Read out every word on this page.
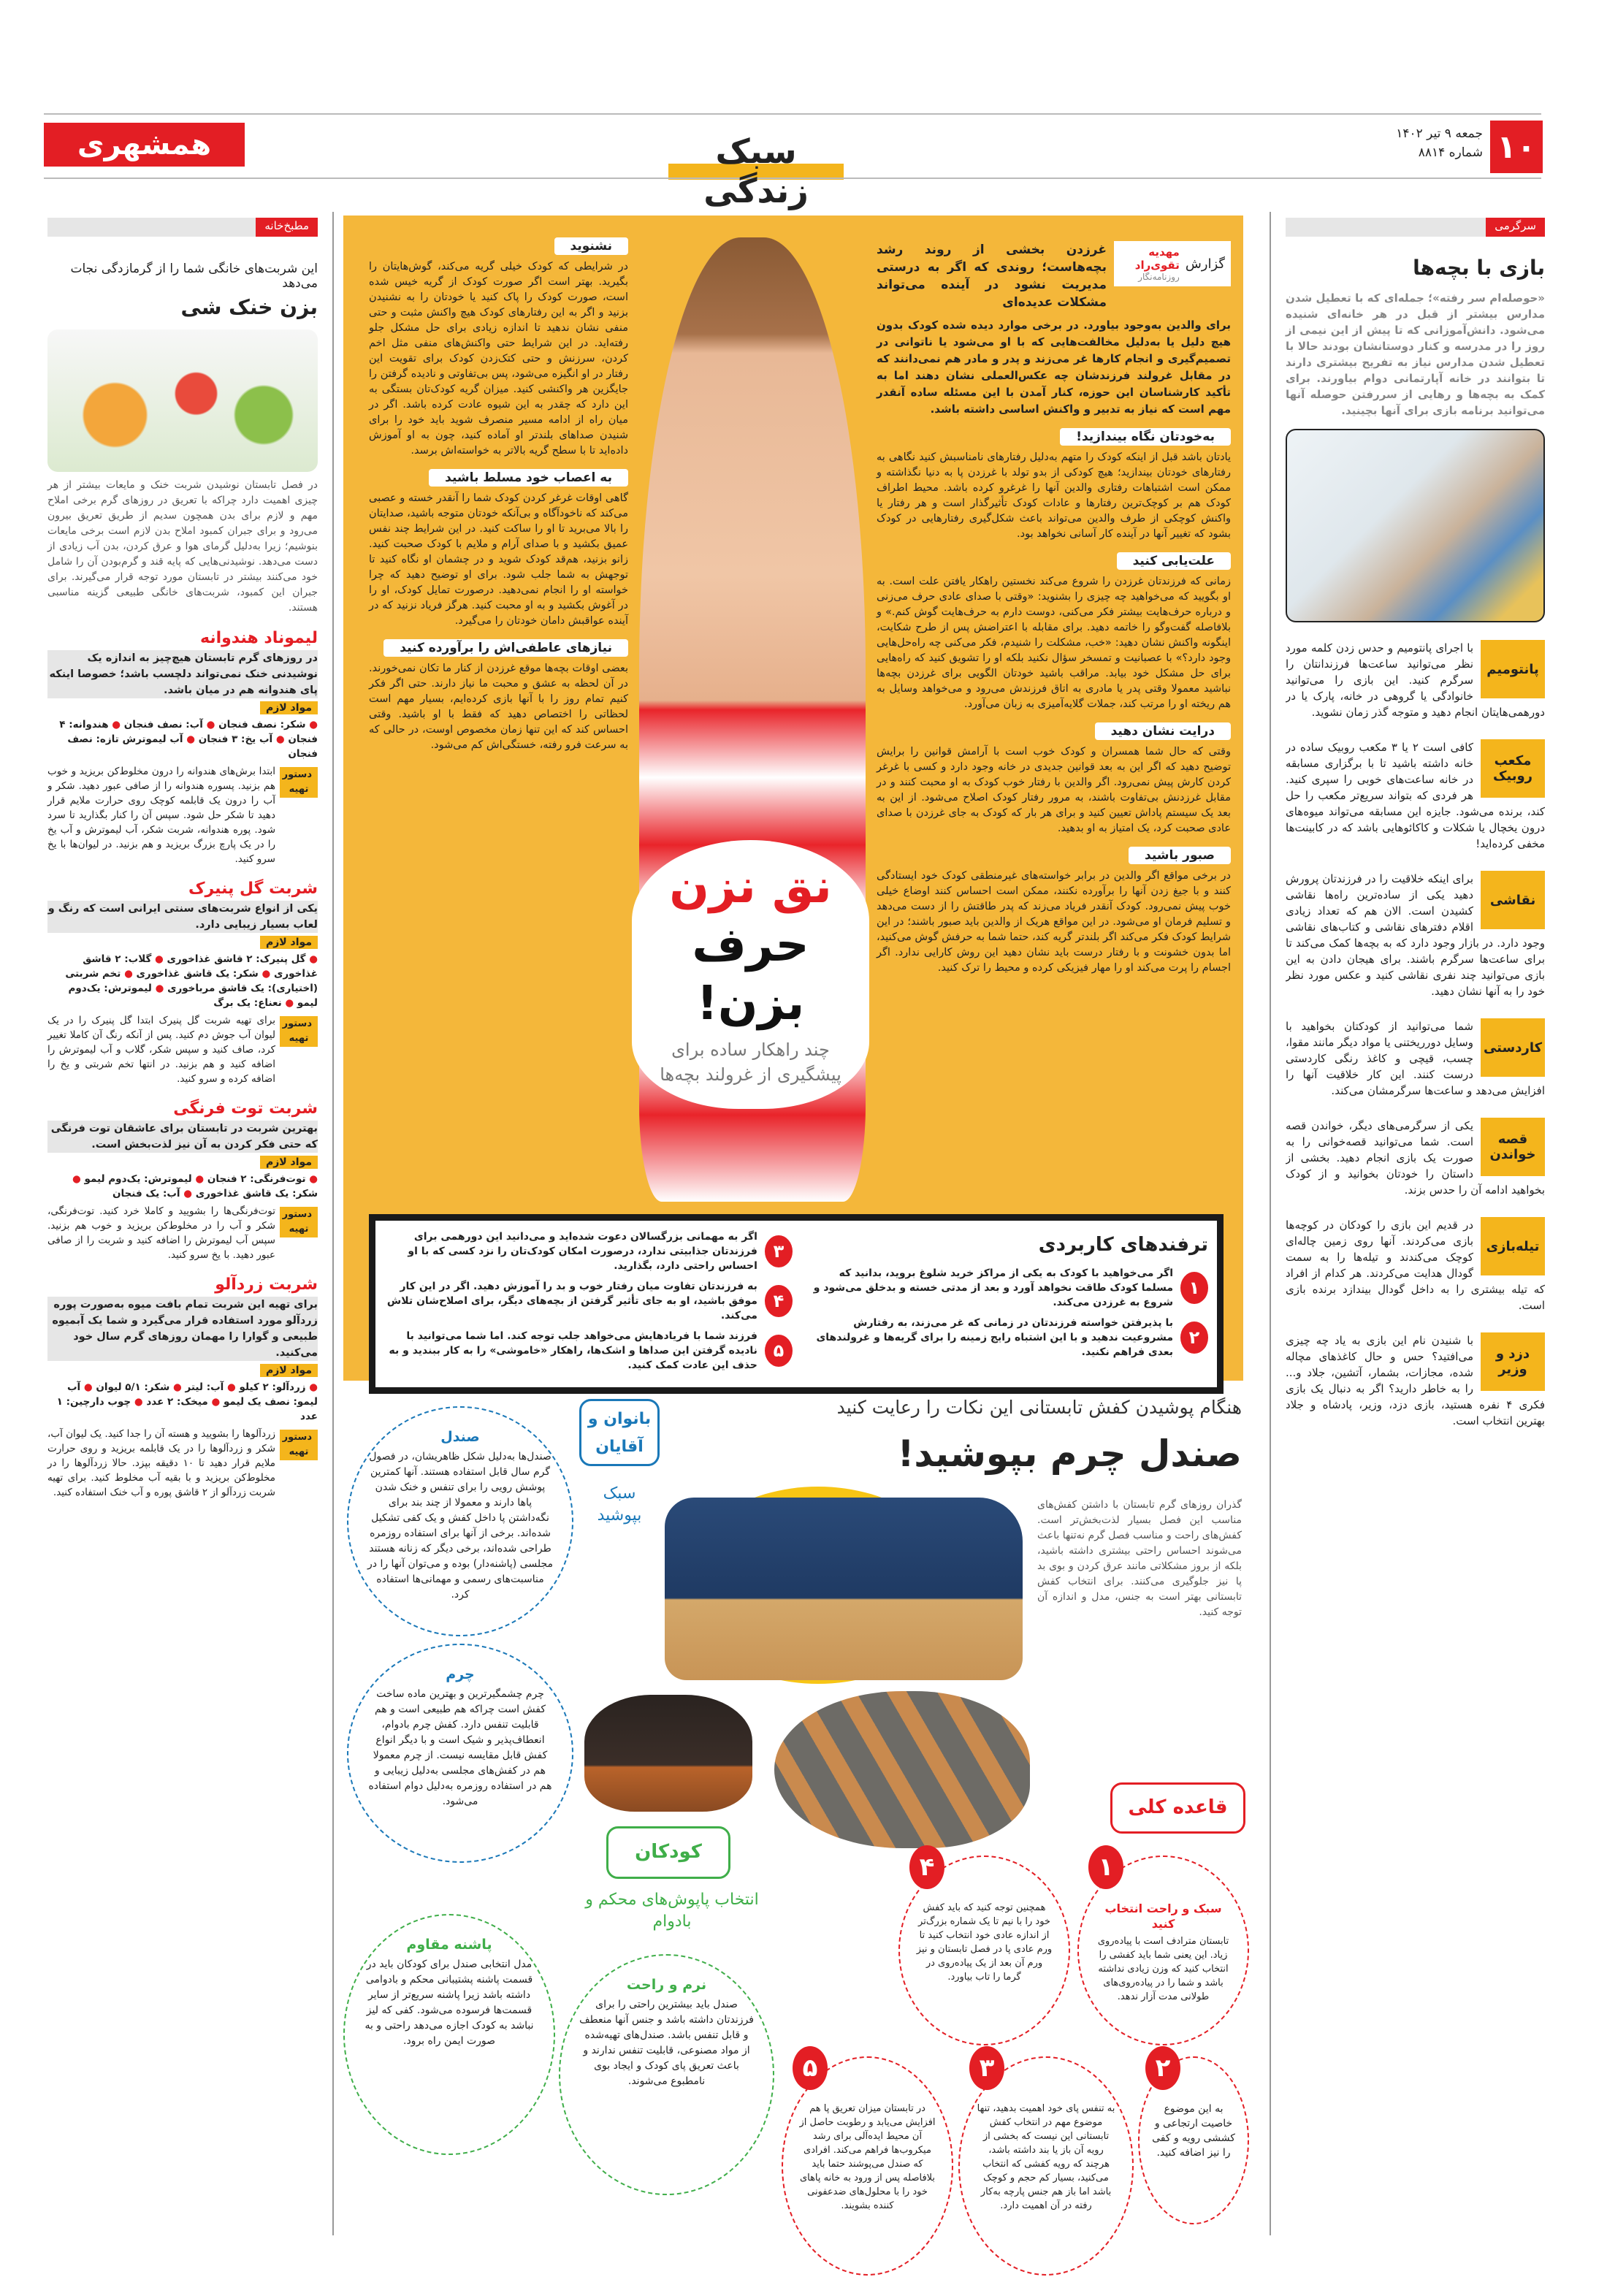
۱۰
جمعه ۹ تیر ۱۴۰۲
شماره ۸۸۱۴
سبک زندگی
همشهری
سرگرمی
بازی با بچه‌ها

«حوصله‌ام سر رفته»؛ جمله‌ای که با تعطیل شدن مدارس بیشتر از قبل در هر خانه‌ای شنیده می‌شود. دانش‌آموزانی که تا پیش از این نیمی از روز را در مدرسه و کنار دوستانشان بودند حالا با تعطیل شدن مدارس نیاز به تفریح بیشتری دارند تا بتوانند در خانه آپارتمانی دوام بیاورند. برای کمک به بچه‌ها و رهایی از سررفتن حوصله آنها می‌توانید برنامه بازی برای آنها بچینید.

پانتومیم

با اجرای پانتومیم و حدس زدن کلمه مورد نظر می‌توانید ساعت‌ها فرزندانتان را سرگرم کنید. این بازی را می‌توانید خانوادگی یا گروهی در خانه، پارک یا در دورهمی‌هایتان انجام دهید و متوجه گذر زمان نشوید.

مکعب روبیک

کافی است ۲ یا ۳ مکعب روبیک ساده در خانه داشته باشید تا با برگزاری مسابقه در خانه ساعت‌های خوبی را سپری کنید. هر فردی که بتواند سریع‌تر مکعب را حل کند، برنده می‌شود. جایزه این مسابقه می‌تواند میوه‌های درون یخچال یا شکلات و کاکائوهایی باشد که در کابینت‌ها مخفی کرده‌اید!

نقاشی

برای اینکه خلاقیت را در فرزندتان پرورش دهید یکی از ساده‌ترین راه‌ها نقاشی کشیدن است. الان هم که تعداد زیادی اقلام دفترهای نقاشی و کتاب‌های نقاشی وجود دارد. در بازار وجود دارد که به بچه‌ها کمک می‌کند تا برای ساعت‌ها سرگرم باشند. برای هیجان دادن به این بازی می‌توانید چند نفری نقاشی کنید و عکس مورد نظر خود را به آنها نشان دهید.

کاردستی

شما می‌توانید از کودکتان بخواهید با وسایل دورریختنی یا مواد دیگر مانند مقوا، چسب، قیچی و کاغذ رنگی کاردستی درست کنند. این کار خلاقیت آنها را افزایش می‌دهد و ساعت‌ها سرگرمشان می‌کند.

قصه خواندن

یکی از سرگرمی‌های دیگر، خواندن قصه است. شما می‌توانید قصه‌خوانی را به صورت یک بازی انجام دهید. بخشی از داستان را خودتان بخوانید و از کودک بخواهید ادامه آن را حدس بزند.

تیله‌بازی

در قدیم این بازی را کودکان در کوچه‌ها بازی می‌کردند. آنها روی زمین چاله‌ای کوچک می‌کندند و تیله‌ها را به سمت گودال هدایت می‌کردند. هر کدام از افراد که تیله بیشتری را به داخل گودال بیندازد برنده بازی است.

دزد و وزیر

با شنیدن نام این بازی به یاد چه چیزی می‌افتید؟ حس و حال کاغذهای مچاله شده، مجازات، بشمار، آتشین، جلاد و... را به خاطر دارید؟ اگر به دنبال یک بازی فکری ۴ نفره هستید، بازی دزد، وزیر، پادشاه و جلاد بهترین انتخاب است.

نق نزن
حرف بزن!
چند راهکار ساده برای پیشگیری از غرولند بچه‌ها
نشنوید

در شرایطی که کودک خیلی گریه می‌کند، گوش‌هایتان را بگیرید. بهتر است اگر صورت کودک از گریه خیس شده است، صورت کودک را پاک کنید یا خودتان را به نشنیدن بزنید و اگر به این رفتارهای کودک هیچ واکنش مثبت و حتی منفی نشان ندهید تا اندازه زیادی برای حل مشکل جلو رفته‌اید. در این شرایط حتی واکنش‌های منفی مثل اخم کردن، سرزنش و حتی کتک‌زدن کودک برای تقویت این رفتار در او انگیزه می‌شود، پس بی‌تفاوتی و نادیده گرفتن را جایگزین هر واکنشی کنید. میزان گریه کودک‌تان بستگی به این دارد که چقدر به این شیوه عادت کرده باشد. اگر در میان راه از ادامه مسیر منصرف شوید باید خود را برای شنیدن صداهای بلندتر او آماده کنید، چون به او آموزش داده‌اید تا با سطح گریه بالاتر به خواسته‌اش برسد.

به اعصاب خود مسلط باشید

گاهی اوقات غرغر کردن کودک شما را آنقدر خسته و عصبی می‌کند که ناخودآگاه و بی‌آنکه خودتان متوجه باشید، صدایتان را بالا می‌برید تا او را ساکت کنید. در این شرایط چند نفس عمیق بکشید و با صدای آرام و ملایم با کودک صحبت کنید. زانو بزنید، هم‌قد کودک شوید و در چشمان او نگاه کنید تا توجهش به شما جلب شود. برای او توضیح دهید که چرا خواسته او را انجام نمی‌دهید. درصورت تمایل کودک، او را در آغوش بکشید و به او محبت کنید. هرگز فریاد نزنید که در آینده عواقبش دامان خودتان را می‌گیرد.

نیازهای عاطفی‌اش را برآورده کنید

بعضی اوقات بچه‌ها موقع غرزدن از کنار ما تکان نمی‌خورند. در آن لحظه به عشق و محبت ما نیاز دارند. حتی اگر فکر کنیم تمام روز را با آنها بازی کرده‌ایم، بسیار مهم است لحظاتی را اختصاص دهید که فقط با او باشید. وقتی احساس کند که این تنها زمان مخصوص اوست، در حالی که به سرعت فرو رفته، خستگی‌اش کم می‌شود.

گزارش
مهدیه تقوی‌راد
روزنامه‌نگار

غرزدن بخشی از روند رشد بچه‌هاست؛ روندی که اگر به درستی مدیریت نشود در آینده می‌تواند مشکلات عدیده‌ای

برای والدین به‌وجود بیاورد. در برخی موارد دیده شده کودک بدون هیچ دلیل یا به‌دلیل مخالفت‌هایی که با او می‌شود یا ناتوانی در تصمیم‌گیری و انجام کارها غر می‌زند و پدر و مادر هم نمی‌دانند که در مقابل غرولند فرزندشان چه عکس‌العملی نشان دهند اما به تأکید کارشناسان این حوزه، کنار آمدن با این مسئله ساده آنقدر مهم است که نیاز به تدبیر و واکنش اساسی داشته باشد.

به‌خودتان نگاه بیندازید!

یادتان باشد قبل از اینکه کودک را متهم به‌دلیل رفتارهای نامناسبش کنید نگاهی به رفتارهای خودتان بیندازید؛ هیچ کودکی از بدو تولد با غرزدن پا به دنیا نگذاشته و ممکن است اشتباهات رفتاری والدین آنها را غرغرو کرده باشد. محیط اطراف کودک هم بر کوچک‌ترین رفتارها و عادات کودک تأثیرگذار است و هر رفتار یا واکنش کوچکی از طرف والدین می‌تواند باعث شکل‌گیری رفتارهایی در کودک بشود که تغییر آنها در آینده کار آسانی نخواهد بود.

علت‌یابی کنید

زمانی که فرزندتان غرزدن را شروع می‌کند نخستین راهکار یافتن علت است. به او بگویید که می‌خواهید چه چیزی را بشنوید: «وقتی با صدای عادی حرف می‌زنی و درباره حرف‌هایت بیشتر فکر می‌کنی، دوست دارم به حرف‌هایت گوش کنم.» و بلافاصله گفت‌وگو را خاتمه دهید. برای مقابله با اعتراضش پس از طرح شکایت، اینگونه واکنش نشان دهید: «خب، مشکلت را شنیدم، فکر می‌کنی چه راه‌حل‌هایی وجود دارد؟» با عصبانیت و تمسخر سؤال نکنید بلکه او را تشویق کنید که راه‌هایی برای حل مشکل خود بیابد. مراقب باشید خودتان الگویی برای غرزدن بچه‌ها نباشید معمولا وقتی پدر یا مادری به اتاق فرزندش می‌رود و می‌خواهد وسایل به هم ریخته او را مرتب کند، جملات گلایه‌آمیزی به زبان می‌آورد.

درایت نشان دهید

وقتی که حال شما همسران و کودک خوب است با آرامش قوانین را برایش توضیح دهید که اگر این به بعد قوانین جدیدی در خانه وجود دارد و کسی با غرغر کردن کارش پیش نمی‌رود. اگر والدین با رفتار خوب کودک به او محبت کنند و در مقابل غرزدنش بی‌تفاوت باشند، به مرور رفتار کودک اصلاح می‌شود. از این به بعد یک سیستم پاداش تعیین کنید و برای هر بار که کودک به جای غرزدن با صدای عادی صحبت کرد، یک امتیاز به او بدهید.

صبور باشید

در برخی مواقع اگر والدین در برابر خواسته‌های غیرمنطقی کودک خود ایستادگی کنند و با جیغ زدن آنها را برآورده نکنند، ممکن است احساس کنند اوضاع خیلی خوب پیش نمی‌رود. کودک آنقدر فریاد می‌زند که پدر طاقتش را از دست می‌دهد و تسلیم فرمان او می‌شود. در این مواقع هریک از والدین باید صبور باشند؛ در این شرایط کودک فکر می‌کند اگر بلندتر گریه کند، حتما شما به حرفش گوش می‌کنید، اما بدون خشونت و با رفتار درست باید نشان دهید این روش کارایی ندارد. اگر اجسام را پرت می‌کند او را مهار فیزیکی کرده و محیط را ترک کنید.

ترفندهای کاربردی
۱
اگر می‌خواهید با کودک به یکی از مراکز خرید شلوغ بروید، بدانید که مسلما کودک طاقت نخواهد آورد و بعد از مدتی خسته و بدخلق می‌شود و شروع به غرزدن می‌کند.
۲
با پذیرفتن خواسته فرزندتان در زمانی که غر می‌زند، به رفتارش مشروعیت ندهید و با این اشتباه رایج زمینه را برای گریه‌ها و غرولندهای بعدی فراهم نکنید.
۳
اگر به مهمانی بزرگسالان دعوت شده‌اید و می‌دانید این دورهمی برای فرزندتان جذابیتی ندارد، درصورت امکان کودک‌تان را نزد کسی که با او احساس راحتی دارد، بگذارید.
۴
به فرزندتان تفاوت میان رفتار خوب و بد را آموزش دهید. اگر در این کار موفق باشید، او به جای تأثیر گرفتن از بچه‌های دیگر، برای اصلاح‌شان تلاش می‌کند.
۵
فرزند شما با فریادهایش می‌خواهد جلب توجه کند. اما شما می‌توانید با نادیده گرفتن این صداها و اشک‌ها، راهکار «خاموشی» را به کار ببندید و به حذف این عادت کمک کنید.
مطبخ‌خانه
این شربت‌های خانگی شما را از گرمازدگی نجات می‌دهد
بزن خنک شی

در فصل تابستان نوشیدن شربت خنک و مایعات بیشتر از هر چیزی اهمیت دارد چراکه با تعریق در روزهای گرم برخی املاح مهم و لازم برای بدن همچون سدیم از طریق تعریق بیرون می‌رود و برای جبران کمبود املاح بدن لازم است برخی مایعات بنوشیم؛ زیرا به‌دلیل گرمای هوا و عرق کردن، بدن آب زیادی از دست می‌دهد. نوشیدنی‌هایی که پایه قند و گرم‌بودن آن را شامل خود می‌کنند بیشتر در تابستان مورد توجه قرار می‌گیرند. برای جبران این کمبود، شربت‌های خانگی طبیعی گزینه مناسبی هستند.

لیموناد هندوانه
در روزهای گرم تابستان هیچ‌چیز به اندازه یک نوشیدنی خنک نمی‌تواند دلچسب باشد؛ خصوصا اینکه پای هندوانه هم در میان باشد.
مواد لازم
● شکر: نصف فنجان ● آب: نصف فنجان ● هندوانه: ۴ فنجان ● آب یخ: ۳ فنجان ● آب لیموترش تازه: نصف فنجان
دستور تهیه

ابتدا برش‌های هندوانه را درون مخلوط‌کن بریزید و خوب هم بزنید. پسوره هندوانه را از صافی عبور دهید. شکر و آب را درون یک قابلمه کوچک روی حرارت ملایم قرار دهید تا شکر حل شود. سپس آن را کنار بگذارید تا سرد شود. پوره هندوانه، شربت شکر، آب لیموترش و آب یخ را در یک پارچ بزرگ بریزید و هم بزنید. در لیوان‌ها با یخ سرو کنید.

شربت گل پنیرک
یکی از انواع شربت‌های سنتی ایرانی است که رنگ و لعاب بسیار زیبایی دارد.
مواد لازم
● گل پنیرک: ۲ قاشق غذاخوری ● گلاب: ۲ قاشق غذاخوری ● شکر: یک قاشق غذاخوری ● تخم شربتی (اختیاری): یک قاشق مرباخوری ● لیموترش: یک‌دوم لیمو ● نعناع: یک برگ
دستور تهیه

برای تهیه شربت گل پنیرک ابتدا گل پنیرک را در یک لیوان آب جوش دم کنید. پس از آنکه رنگ آن کاملا تغییر کرد، صاف کنید و سپس شکر، گلاب و آب لیموترش را اضافه کنید و هم بزنید. در انتها تخم شربتی و یخ را اضافه کرده و سرو کنید.

شربت توت فرنگی
بهترین شربت در تابستان برای عاشقان توت فرنگی که حتی فکر کردن به آن نیز لذت‌بخش است.
مواد لازم
● توت‌فرنگی: ۲ فنجان ● لیموترش: یک‌دوم لیمو ● شکر: یک قاشق غذاخوری ● آب: یک فنجان
دستور تهیه

توت‌فرنگی‌ها را بشویید و کاملا خرد کنید. توت‌فرنگی، شکر و آب را در مخلوط‌کن بریزید و خوب هم بزنید. سپس آب لیموترش را اضافه کنید و شربت را از صافی عبور دهید. با یخ سرو کنید.

شربت زردآلو
برای تهیه این شربت تمام بافت میوه به‌صورت پوره زردآلو مورد استفاده قرار می‌گیرد و شما یک آبمیوه طبیعی و گوارا را مهمان روزهای گرم سال خود می‌کنید.
مواد لازم
● زردآلو: ۲ کیلو ● آب: لیتر ● شکر: ۵/۱ لیوان ● آب لیمو: نصف یک لیمو ● میخک: ۲ عدد ● چوب دارچین: ۱ عدد
دستور تهیه

زردآلوها را بشویید و هسته آن را جدا کنید. یک لیوان آب، شکر و زردآلوها را در یک قابلمه بریزید و روی حرارت ملایم قرار دهید تا ۱۰ دقیقه بپزد. حالا زردآلوها را در مخلوط‌کن بریزید و با بقیه آب مخلوط کنید. برای تهیه شربت زردآلو از ۲ قاشق پوره و آب خنک استفاده کنید.

هنگام پوشیدن کفش تابستانی این نکات را رعایت کنید
صندل چرم بپوشید!

گذران روزهای گرم تابستان با داشتن کفش‌های مناسب این فصل بسیار لذت‌بخش‌تر است. کفش‌های راحت و مناسب فصل گرم نه‌تنها باعث می‌شوند احساس راحتی بیشتری داشته باشید، بلکه از بروز مشکلاتی مانند عرق کردن و بوی بد پا نیز جلوگیری می‌کنند. برای انتخاب کفش تابستانی بهتر است به جنس، مدل و اندازه آن توجه کنید.

بانوان و آقایان
سبک بپوشید
صندل
صندل‌ها به‌دلیل شکل ظاهریشان، در فصول گرم سال قابل استفاده هستند. آنها کمترین پوشش رویی را برای تنفس و خنک شدن پاها دارند و معمولا از چند بند برای نگه‌داشتن پا داخل کفش و یک کفی تشکیل شده‌اند. برخی از آنها برای استفاده روزمره طراحی شده‌اند، برخی دیگر که زنانه هستند مجلسی (پاشنه‌دار) بوده و می‌توان آنها را در مناسبت‌های رسمی و مهمانی‌ها استفاده کرد.
چرم
چرم چشمگیرترین و بهترین ماده ساخت کفش است چراکه هم طبیعی است و هم قابلیت تنفس دارد. کفش چرم بادوام، انعطاف‌پذیر و شیک است و با دیگر انواع کفش قابل مقایسه نیست. از چرم معمولا هم در کفش‌های مجلسی به‌دلیل زیبایی و هم در استفاده روزمره به‌دلیل دوام استفاده می‌شود.
کودکان
انتخاب پاپوش‌های محکم و بادوام
پاشنه مقاوم
مدل انتخابی صندل برای کودکان باید در قسمت پاشنه پشتیبانی محکم و بادوامی داشته باشد زیرا پاشنه سریع‌تر از سایر قسمت‌ها فرسوده می‌شود. کفی که لیز نباشد به کودک اجازه می‌دهد راحتی و به صورت ایمن راه برود.
نرم و راحت
صندل باید بیشترین راحتی را برای فرزندتان داشته باشد و جنس آنها منعطف و قابل تنفس باشد. صندل‌های تهیه‌شده از مواد مصنوعی، قابلیت تنفس ندارند و باعث تعریق پای کودک و ایجاد بوی نامطبوع می‌شوند.
قاعده کلی
سبک و راحت انتخاب کنید
تابستان مترادف است با پیاده‌روی زیاد. این یعنی شما باید کفشی را انتخاب کنید که وزن زیادی نداشته باشد و شما را در پیاده‌روی‌های طولانی مدت آزار ندهد.
۱
همچنین توجه کنید که باید کفش خود را با نیم تا یک شماره بزرگ‌تر از اندازه عادی خود انتخاب کنید تا ورم عادی پا در فصل تابستان و نیز ورم آن بعد از یک پیاده‌روی در گرما را تاب بیاورد.
۴
در تابستان میزان تعریق پا هم افزایش می‌یابد و رطوبت حاصل از آن محیط ایده‌آلی برای رشد میکروب‌ها فراهم می‌کند. افرادی که صندل می‌پوشند حتما باید بلافاصله پس از ورود به خانه پاهای خود را با محلول‌های ضدعفونی کننده بشویند.
۵
به تنفس پای خود اهمیت بدهید، تنها موضوع مهم در انتخاب کفش تابستانی این نیست که بخشی از رویه آن باز یا بند داشته باشد، هرچند که رویه کفشی که انتخاب می‌کنید، بسیار کم حجم و کوچک باشد اما باز هم جنس پارچه به‌کار رفته در آن اهمیت دارد.
۳
به این موضوع خاصیت ارتجاعی و کششی رویه و کفی را نیز اضافه کنید.
۲
